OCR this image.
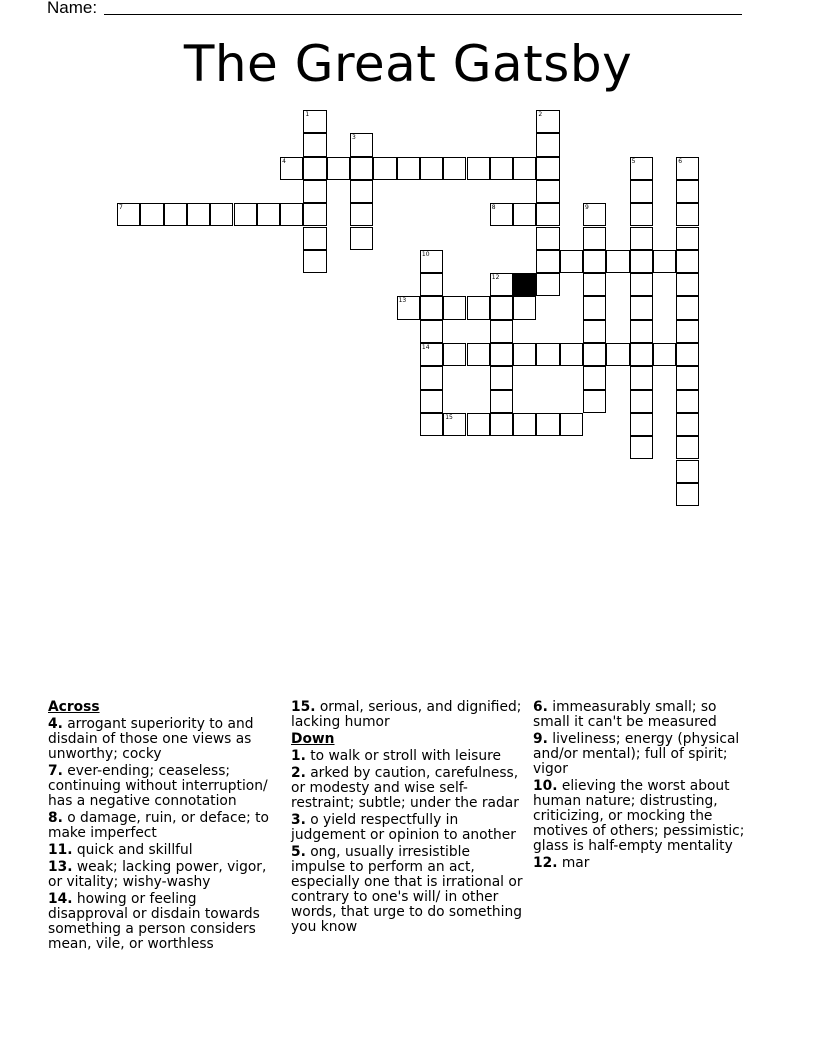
Name:
The Great Gatsby
1	2
3
4	5	6
7	8	9
10
14
12
13
15
Across
4. arrogant superiority to and disdain of those one views as unworthy; cocky
7. ever-ending; ceaseless; continuing without interruption/ has a negative connotation
8. o damage, ruin, or deface; to make imperfect
11. quick and skillful
13. weak; lacking power, vigor, or vitality; wishy-washy
14. howing or feeling disapproval or disdain towards something a person considers mean, vile, or worthless
15. ormal, serious, and dignified; lacking humor
Down
1. to walk or stroll with leisure
2. arked by caution, carefulness, or modesty and wise self-restraint; subtle; under the radar
3. o yield respectfully in judgement or opinion to another
5. ong, usually irresistible impulse to perform an act, especially one that is irrational or contrary to one's will/ in other words, that urge to do something you know
6. immeasurably small; so small it can't be measured
9. liveliness; energy (physical and/or mental); full of spirit; vigor
10. elieving the worst about human nature; distrusting, criticizing, or mocking the motives of others; pessimistic; glass is half-empty mentality
12. mar
